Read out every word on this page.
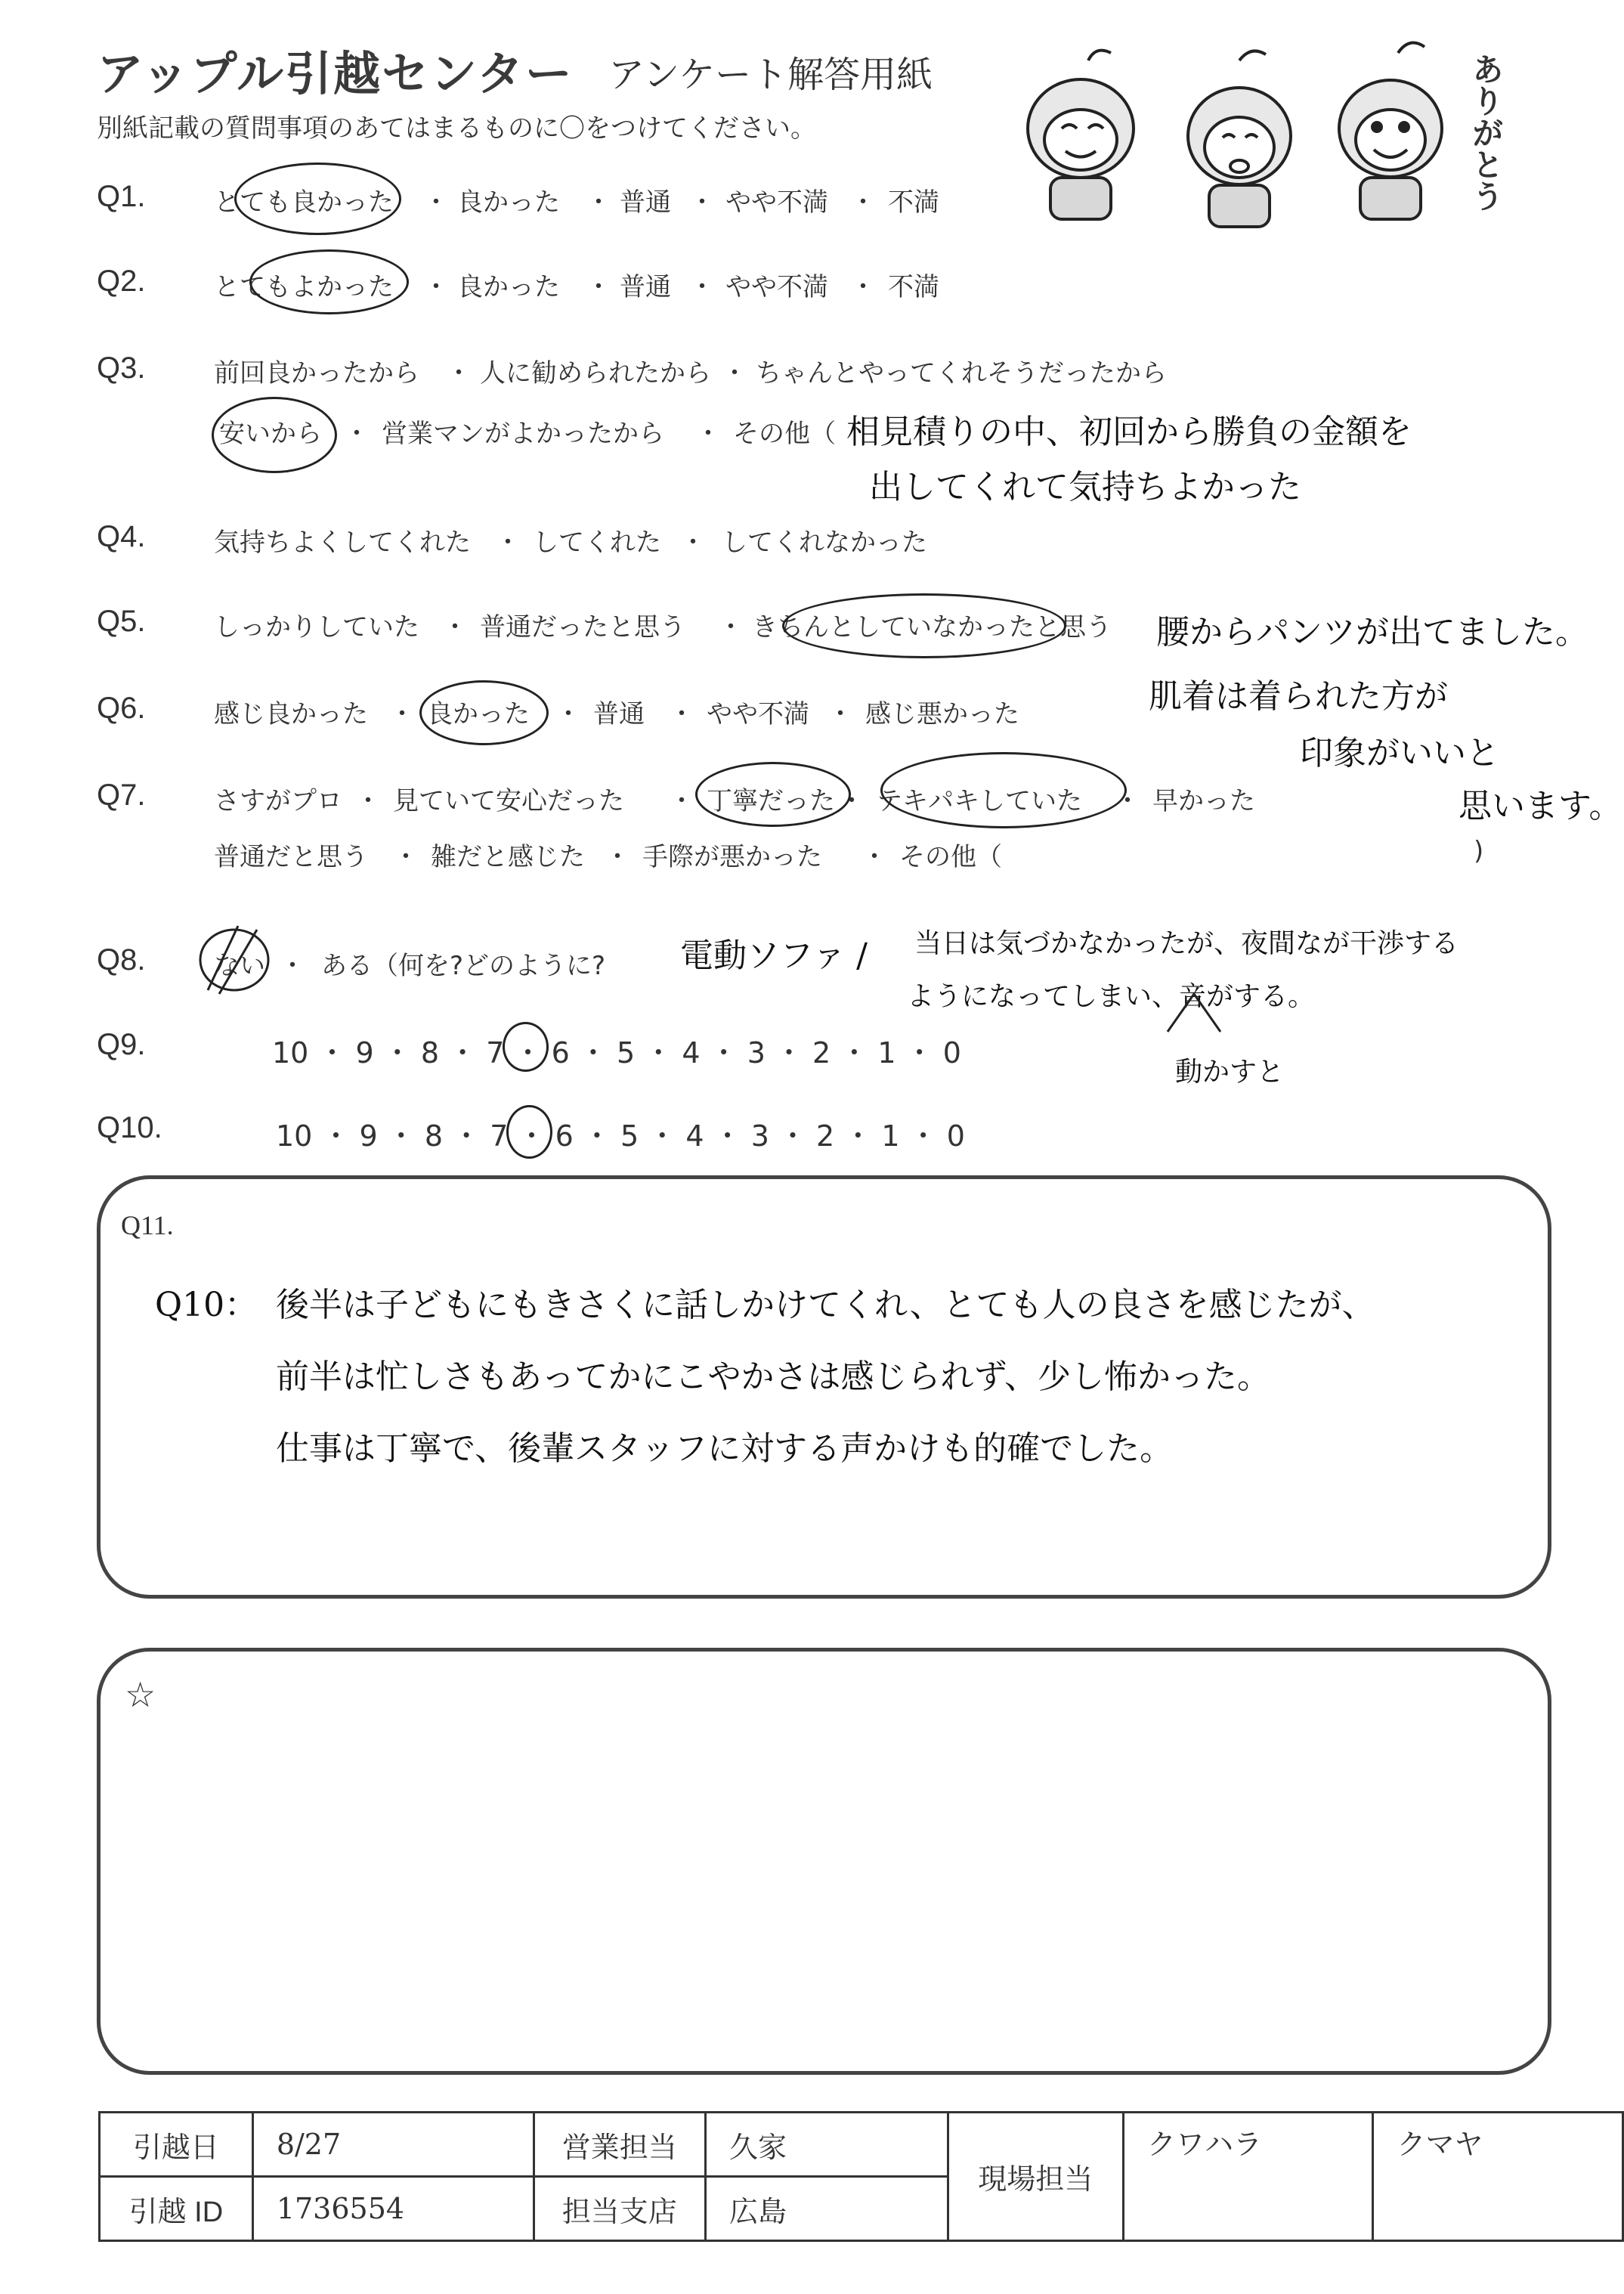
アップル引越センター アンケート解答用紙
別紙記載の質問事項のあてはまるものに〇をつけてください。	ありがとう
Q1.	とても良かった ・ 良かった ・ 普通 ・ やや不満 ・ 不満
Q2.	とてもよかった ・ 良かった ・ 普通 ・ やや不満 ・ 不満
Q3.	前回良かったから ・ 人に勧められたから ・ ちゃんとやってくれそうだったから
安いから ・ 営業マンがよかったから ・ その他（ 相見積りの中、初回から勝負の金額を
出してくれて気持ちよかった
Q4.	気持ちよくしてくれた ・ してくれた ・ してくれなかった
Q5.	しっかりしていた ・ 普通だったと思う ・ きちんとしていなかったと思う 腰からパンツが出てました。
肌着は着られた方が
印象がいいと
思います。
Q6.	感じ良かった ・ 良かった ・ 普通 ・ やや不満 ・ 感じ悪かった
Q7.	さすがプロ ・ 見ていて安心だった ・ 丁寧だった ・ テキパキしていた ・ 早かった
普通だと思う ・ 雑だと感じた ・ 手際が悪かった ・ その他（	)
Q8.	ない ・ ある（何を?どのように? 電動ソファ / 当日は気づかなかったが、夜間なが干渉する
ようになってしまい、音がする。
動かすと
Q9.	10 ・ 9 ・ 8 ・ 7 ・ 6 ・ 5 ・ 4 ・ 3 ・ 2 ・ 1 ・ 0
Q10.	10 ・ 9 ・ 8 ・ 7 ・ 6 ・ 5 ・ 4 ・ 3 ・ 2 ・ 1 ・ 0
Q11.
Q10： 後半は子どもにもきさくに話しかけてくれ、とても人の良さを感じたが、
前半は忙しさもあってかにこやかさは感じられず、少し怖かった。
仕事は丁寧で、後輩スタッフに対する声かけも的確でした。
☆
引越日	8/27	営業担当	久家	現場担当	クワハラ	クマヤ
引越 ID	1736554	担当支店	広島			
